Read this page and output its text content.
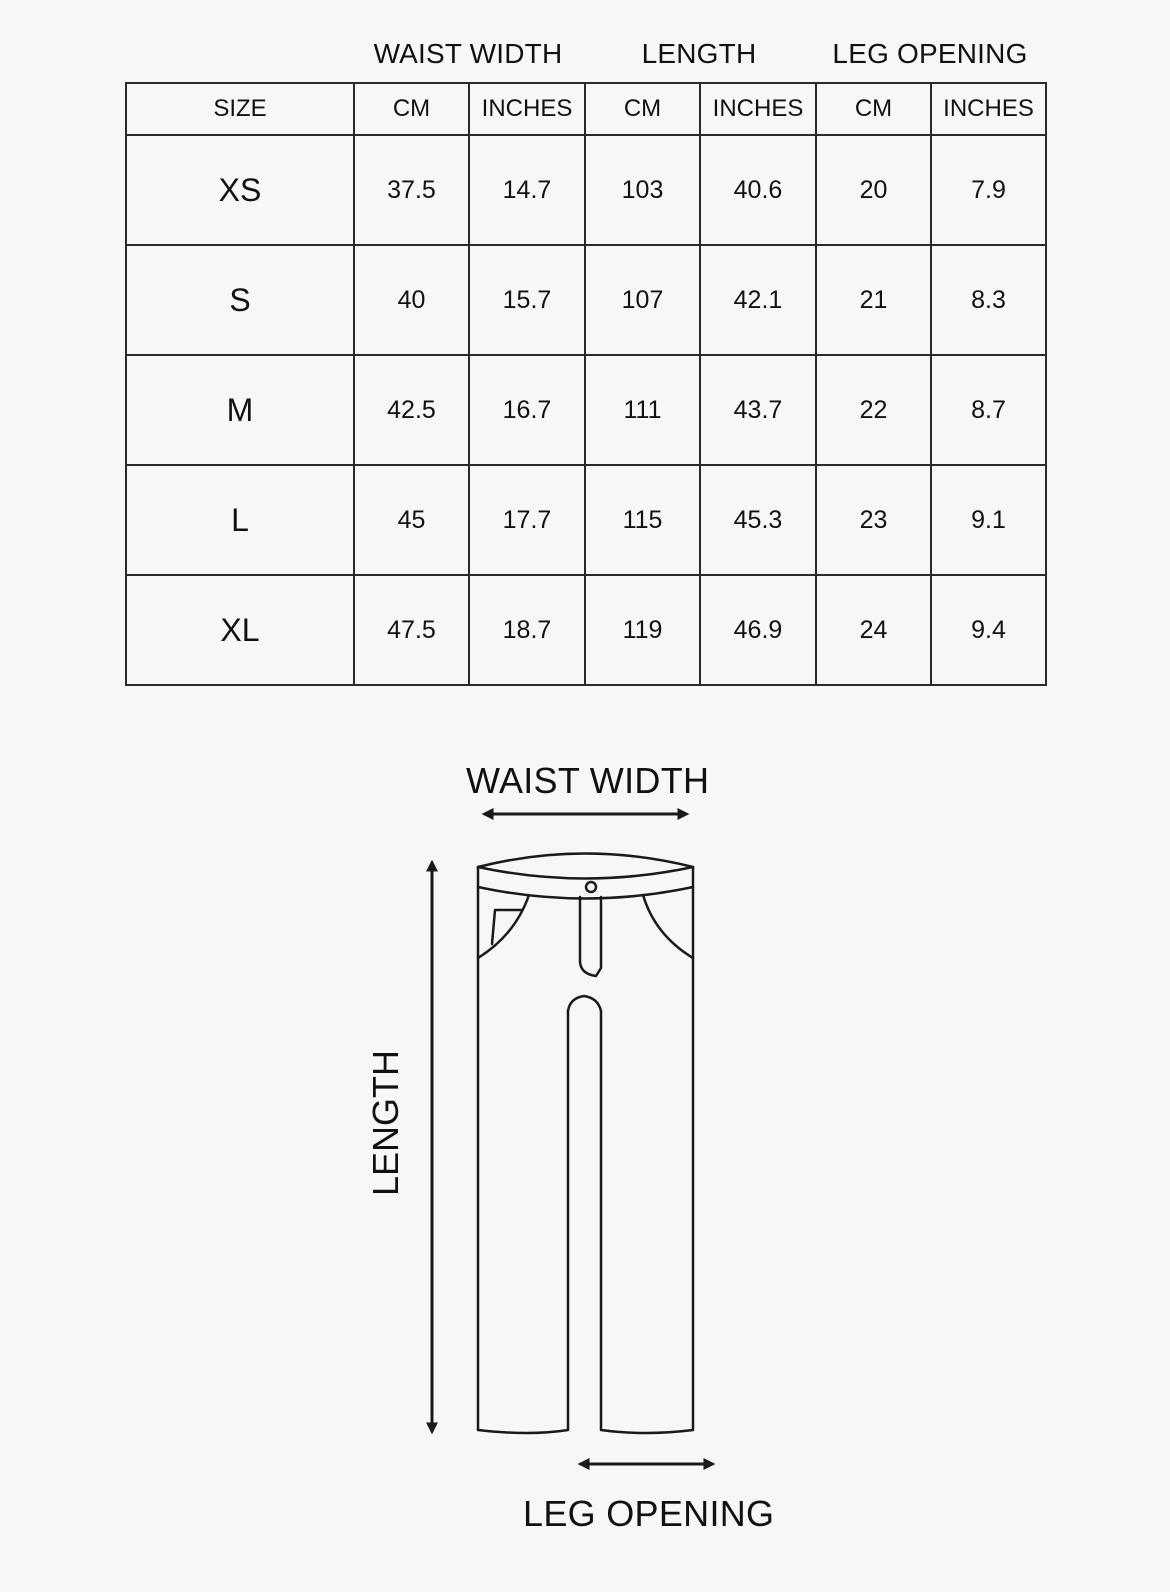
WAIST WIDTH	LENGTH	LEG OPENING
SIZE	CM	INCHES	CM	INCHES	CM	INCHES
XS	37.5	14.7	103	40.6	20	7.9
S	40	15.7	107	42.1	21	8.3
M	42.5	16.7	111	43.7	22	8.7
L	45	17.7	115	45.3	23	9.1
XL	47.5	18.7	119	46.9	24	9.4
WAIST WIDTH
LENGTH
LEG OPENING
